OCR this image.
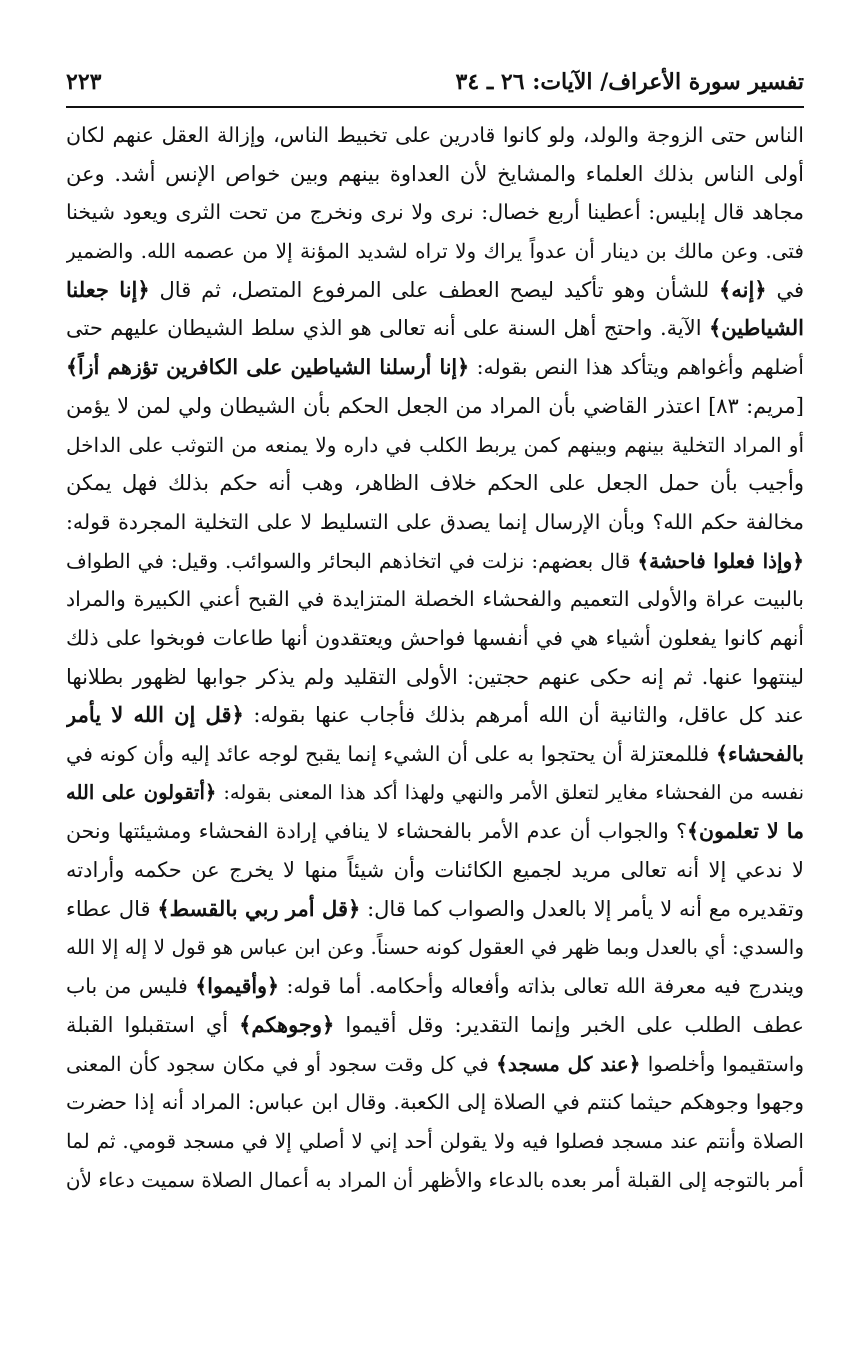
تفسير سورة الأعراف/ الآيات: ٢٦ ـ ٣٤
٢٢٣
الناس حتى الزوجة والولد، ولو كانوا قادرين على تخبيط الناس، وإزالة العقل عنهم لكان
أولى الناس بذلك العلماء والمشايخ لأن العداوة بينهم وبين خواص الإنس أشد. وعن
مجاهد قال إبليس: أعطينا أربع خصال: نرى ولا نرى ونخرج من تحت الثرى ويعود شيخنا
فتى. وعن مالك بن دينار أن عدواً يراك ولا تراه لشديد المؤنة إلا من عصمه الله. والضمير
في ﴿إنه﴾ للشأن وهو تأكيد ليصح العطف على المرفوع المتصل، ثم قال ﴿إنا جعلنا
الشياطين﴾ الآية. واحتج أهل السنة على أنه تعالى هو الذي سلط الشيطان عليهم حتى
أضلهم وأغواهم ويتأكد هذا النص بقوله: ﴿إنا أرسلنا الشياطين على الكافرين تؤزهم أزاً﴾
[مريم: ٨٣] اعتذر القاضي بأن المراد من الجعل الحكم بأن الشيطان ولي لمن لا يؤمن
أو المراد التخلية بينهم وبينهم كمن يربط الكلب في داره ولا يمنعه من التوثب على الداخل
وأجيب بأن حمل الجعل على الحكم خلاف الظاهر، وهب أنه حكم بذلك فهل يمكن
مخالفة حكم الله؟ وبأن الإرسال إنما يصدق على التسليط لا على التخلية المجردة قوله:
﴿وإذا فعلوا فاحشة﴾ قال بعضهم: نزلت في اتخاذهم البحائر والسوائب. وقيل: في الطواف
بالبيت عراة والأولى التعميم والفحشاء الخصلة المتزايدة في القبح أعني الكبيرة والمراد
أنهم كانوا يفعلون أشياء هي في أنفسها فواحش ويعتقدون أنها طاعات فوبخوا على ذلك
لينتهوا عنها. ثم إنه حكى عنهم حجتين: الأولى التقليد ولم يذكر جوابها لظهور بطلانها
عند كل عاقل، والثانية أن الله أمرهم بذلك فأجاب عنها بقوله: ﴿قل إن الله لا يأمر
بالفحشاء﴾ فللمعتزلة أن يحتجوا به على أن الشيء إنما يقبح لوجه عائد إليه وأن كونه في
نفسه من الفحشاء مغاير لتعلق الأمر والنهي ولهذا أكد هذا المعنى بقوله: ﴿أتقولون على الله
ما لا تعلمون﴾؟ والجواب أن عدم الأمر بالفحشاء لا ينافي إرادة الفحشاء ومشيئتها ونحن
لا ندعي إلا أنه تعالى مريد لجميع الكائنات وأن شيئاً منها لا يخرج عن حكمه وأرادته
وتقديره مع أنه لا يأمر إلا بالعدل والصواب كما قال: ﴿قل أمر ربي بالقسط﴾ قال عطاء
والسدي: أي بالعدل وبما ظهر في العقول كونه حسناً. وعن ابن عباس هو قول لا إله إلا الله
ويندرج فيه معرفة الله تعالى بذاته وأفعاله وأحكامه. أما قوله: ﴿وأقيموا﴾ فليس من باب
عطف الطلب على الخبر وإنما التقدير: وقل أقيموا ﴿وجوهكم﴾ أي استقبلوا القبلة
واستقيموا وأخلصوا ﴿عند كل مسجد﴾ في كل وقت سجود أو في مكان سجود كأن المعنى
وجهوا وجوهكم حيثما كنتم في الصلاة إلى الكعبة. وقال ابن عباس: المراد أنه إذا حضرت
الصلاة وأنتم عند مسجد فصلوا فيه ولا يقولن أحد إني لا أصلي إلا في مسجد قومي. ثم لما
أمر بالتوجه إلى القبلة أمر بعده بالدعاء والأظهر أن المراد به أعمال الصلاة سميت دعاء لأن
